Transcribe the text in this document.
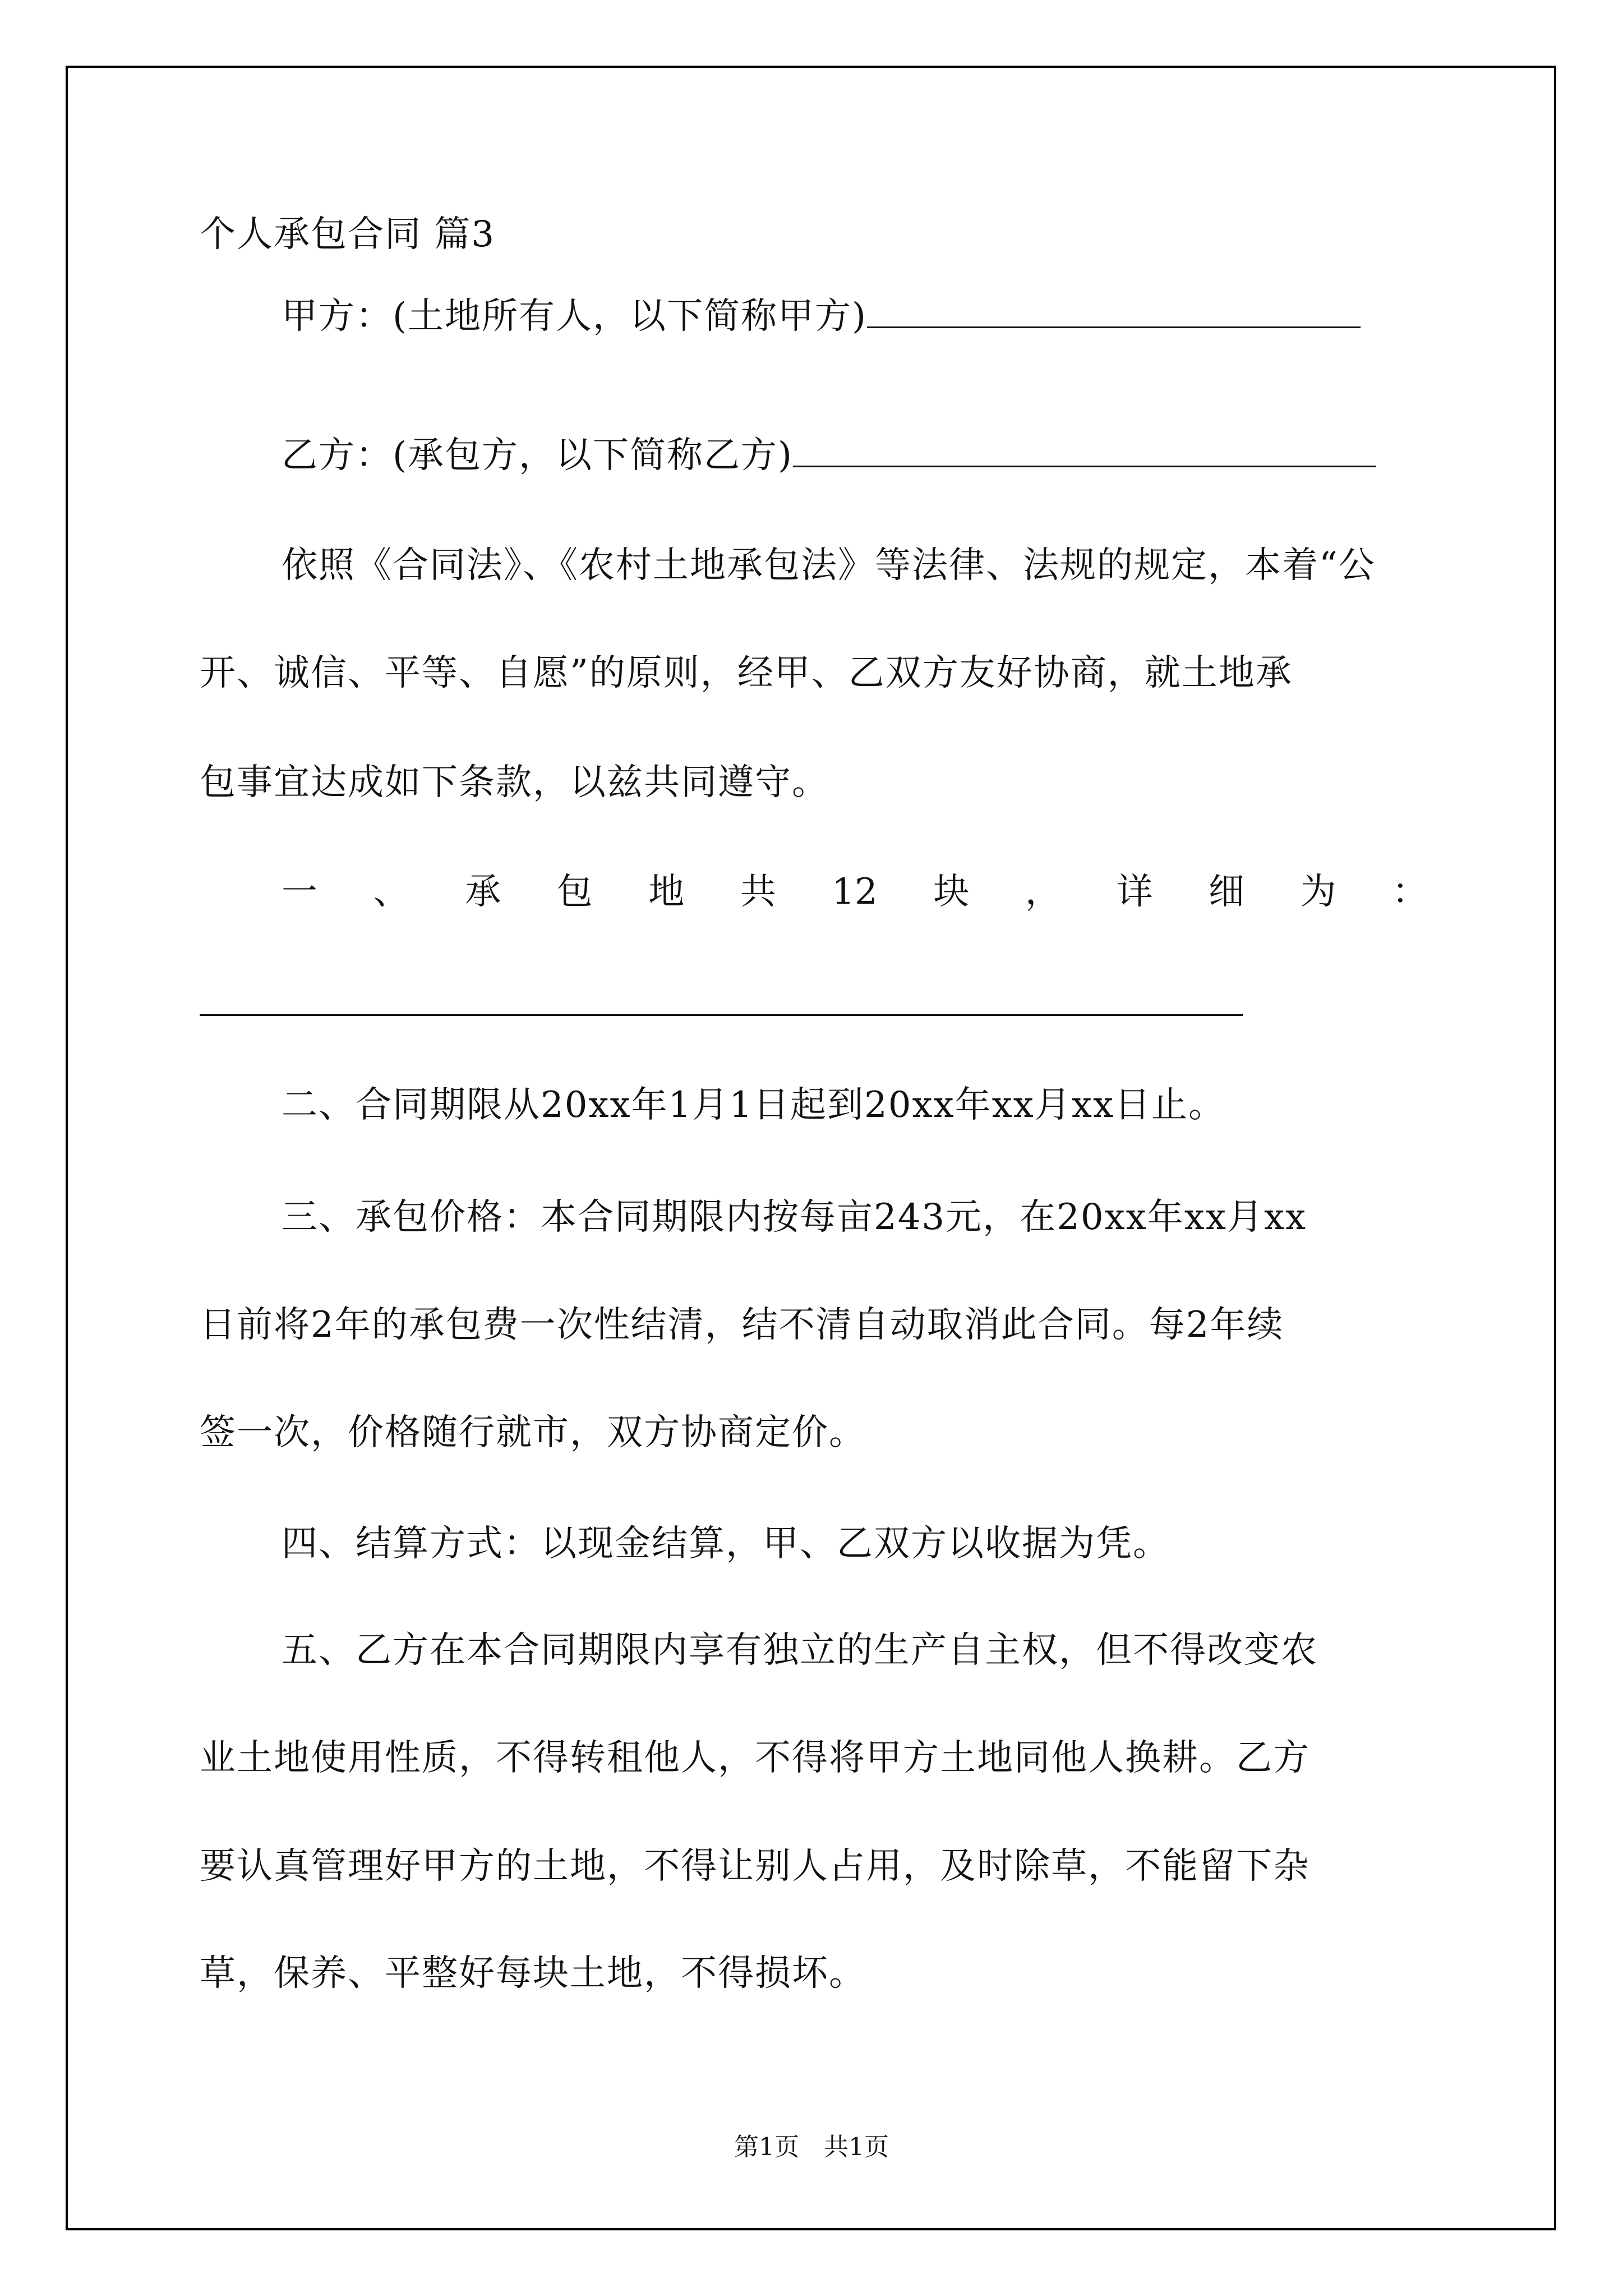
个人承包合同 篇3
甲方：(土地所有人，以下简称甲方)
乙方：(承包方，以下简称乙方)
依照《合同法》、《农村土地承包法》等法律、法规的规定，本着“公
开、诚信、平等、自愿”的原则，经甲、乙双方友好协商，就土地承
包事宜达成如下条款，以兹共同遵守。
一 、 承 包 地 共 12 块 ， 详 细 为 ：
二、合同期限从20xx年1月1日起到20xx年xx月xx日止。
三、承包价格：本合同期限内按每亩243元，在20xx年xx月xx
日前将2年的承包费一次性结清，结不清自动取消此合同。每2年续
签一次，价格随行就市，双方协商定价。
四、结算方式：以现金结算，甲、乙双方以收据为凭。
五、乙方在本合同期限内享有独立的生产自主权，但不得改变农
业土地使用性质，不得转租他人，不得将甲方土地同他人换耕。乙方
要认真管理好甲方的土地，不得让别人占用，及时除草，不能留下杂
草，保养、平整好每块土地，不得损坏。
第1页　共1页
